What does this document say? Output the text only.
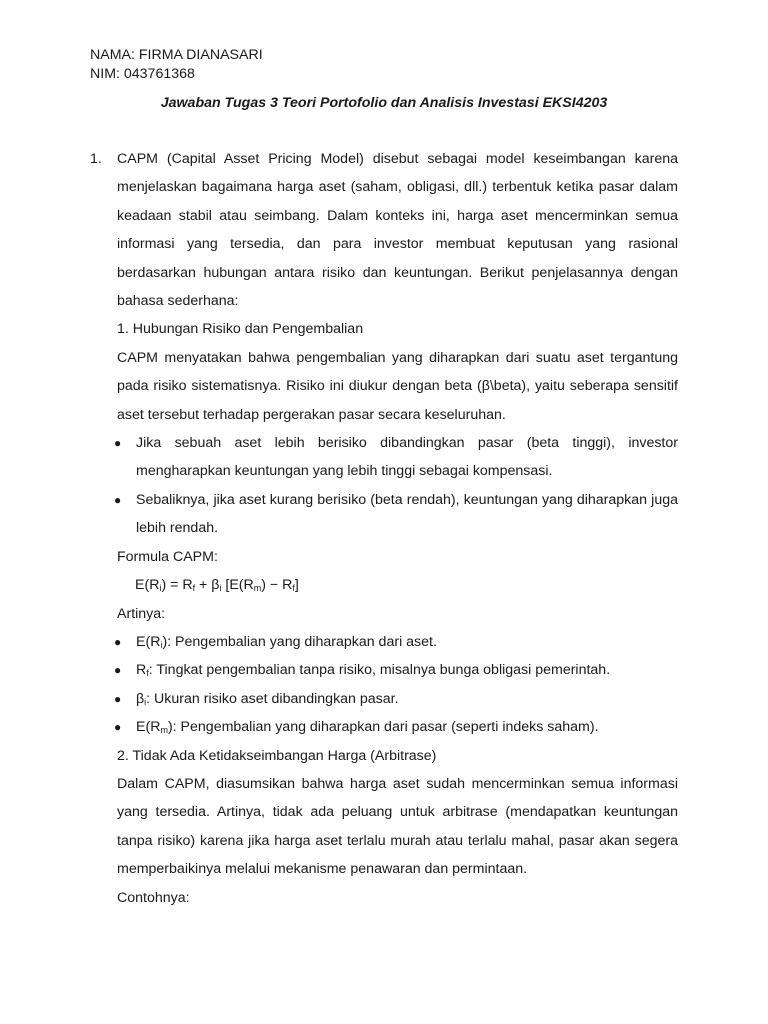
NAMA: FIRMA DIANASARI
NIM: 043761368
Jawaban Tugas 3 Teori Portofolio dan Analisis Investasi EKSI4203
1. CAPM (Capital Asset Pricing Model) disebut sebagai model keseimbangan karena menjelaskan bagaimana harga aset (saham, obligasi, dll.) terbentuk ketika pasar dalam keadaan stabil atau seimbang. Dalam konteks ini, harga aset mencerminkan semua informasi yang tersedia, dan para investor membuat keputusan yang rasional berdasarkan hubungan antara risiko dan keuntungan. Berikut penjelasannya dengan bahasa sederhana:

1. Hubungan Risiko dan Pengembalian

CAPM menyatakan bahwa pengembalian yang diharapkan dari suatu aset tergantung pada risiko sistematisnya. Risiko ini diukur dengan beta (β\beta), yaitu seberapa sensitif aset tersebut terhadap pergerakan pasar secara keseluruhan.

● Jika sebuah aset lebih berisiko dibandingkan pasar (beta tinggi), investor mengharapkan keuntungan yang lebih tinggi sebagai kompensasi.
● Sebaliknya, jika aset kurang berisiko (beta rendah), keuntungan yang diharapkan juga lebih rendah.

Formula CAPM:

$E(R_i) = R_f + \beta_i$ $[E(R_m) - R_f]$

Artinya:

● $E(R_i)$: Pengembalian yang diharapkan dari aset.
● $R_f$: Tingkat pengembalian tanpa risiko, misalnya bunga obligasi pemerintah.
● $\beta_i$: Ukuran risiko aset dibandingkan pasar.
● $E(R_m)$: Pengembalian yang diharapkan dari pasar (seperti indeks saham).

2. Tidak Ada Ketidakseimbangan Harga (Arbitrase)

Dalam CAPM, diasumsikan bahwa harga aset sudah mencerminkan semua informasi yang tersedia. Artinya, tidak ada peluang untuk arbitrase (mendapatkan keuntungan tanpa risiko) karena jika harga aset terlalu murah atau terlalu mahal, pasar akan segera memperbaikinya melalui mekanisme penawaran dan permintaan.

Contohnya:
